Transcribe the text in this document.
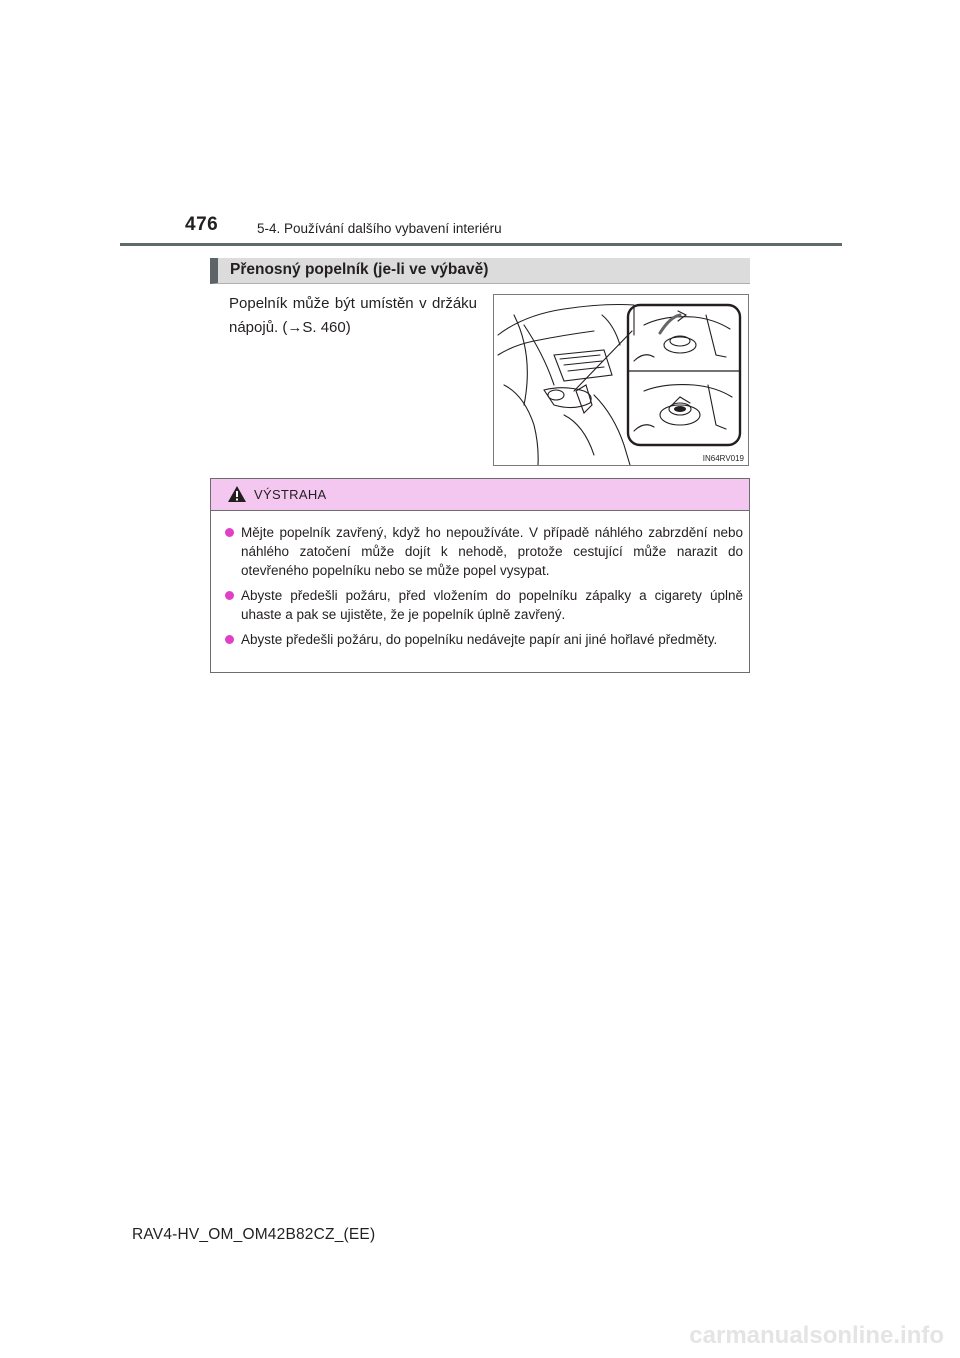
476	5-4. Používání dalšího vybavení interiéru
Přenosný popelník (je-li ve výbavě)
Popelník může být umístěn v držáku nápojů. (→S. 460)
IN64RV019
VÝSTRAHA
Mějte popelník zavřený, když ho nepoužíváte. V případě náhlého zabrzdění nebo náhlého zatočení může dojít k nehodě, protože cestující může narazit do otevřeného popelníku nebo se může popel vysypat.
Abyste předešli požáru, před vložením do popelníku zápalky a cigarety úplně uhaste a pak se ujistěte, že je popelník úplně zavřený.
Abyste předešli požáru, do popelníku nedávejte papír ani jiné hořlavé předměty.
RAV4-HV_OM_OM42B82CZ_(EE)
carmanualsonline.info
